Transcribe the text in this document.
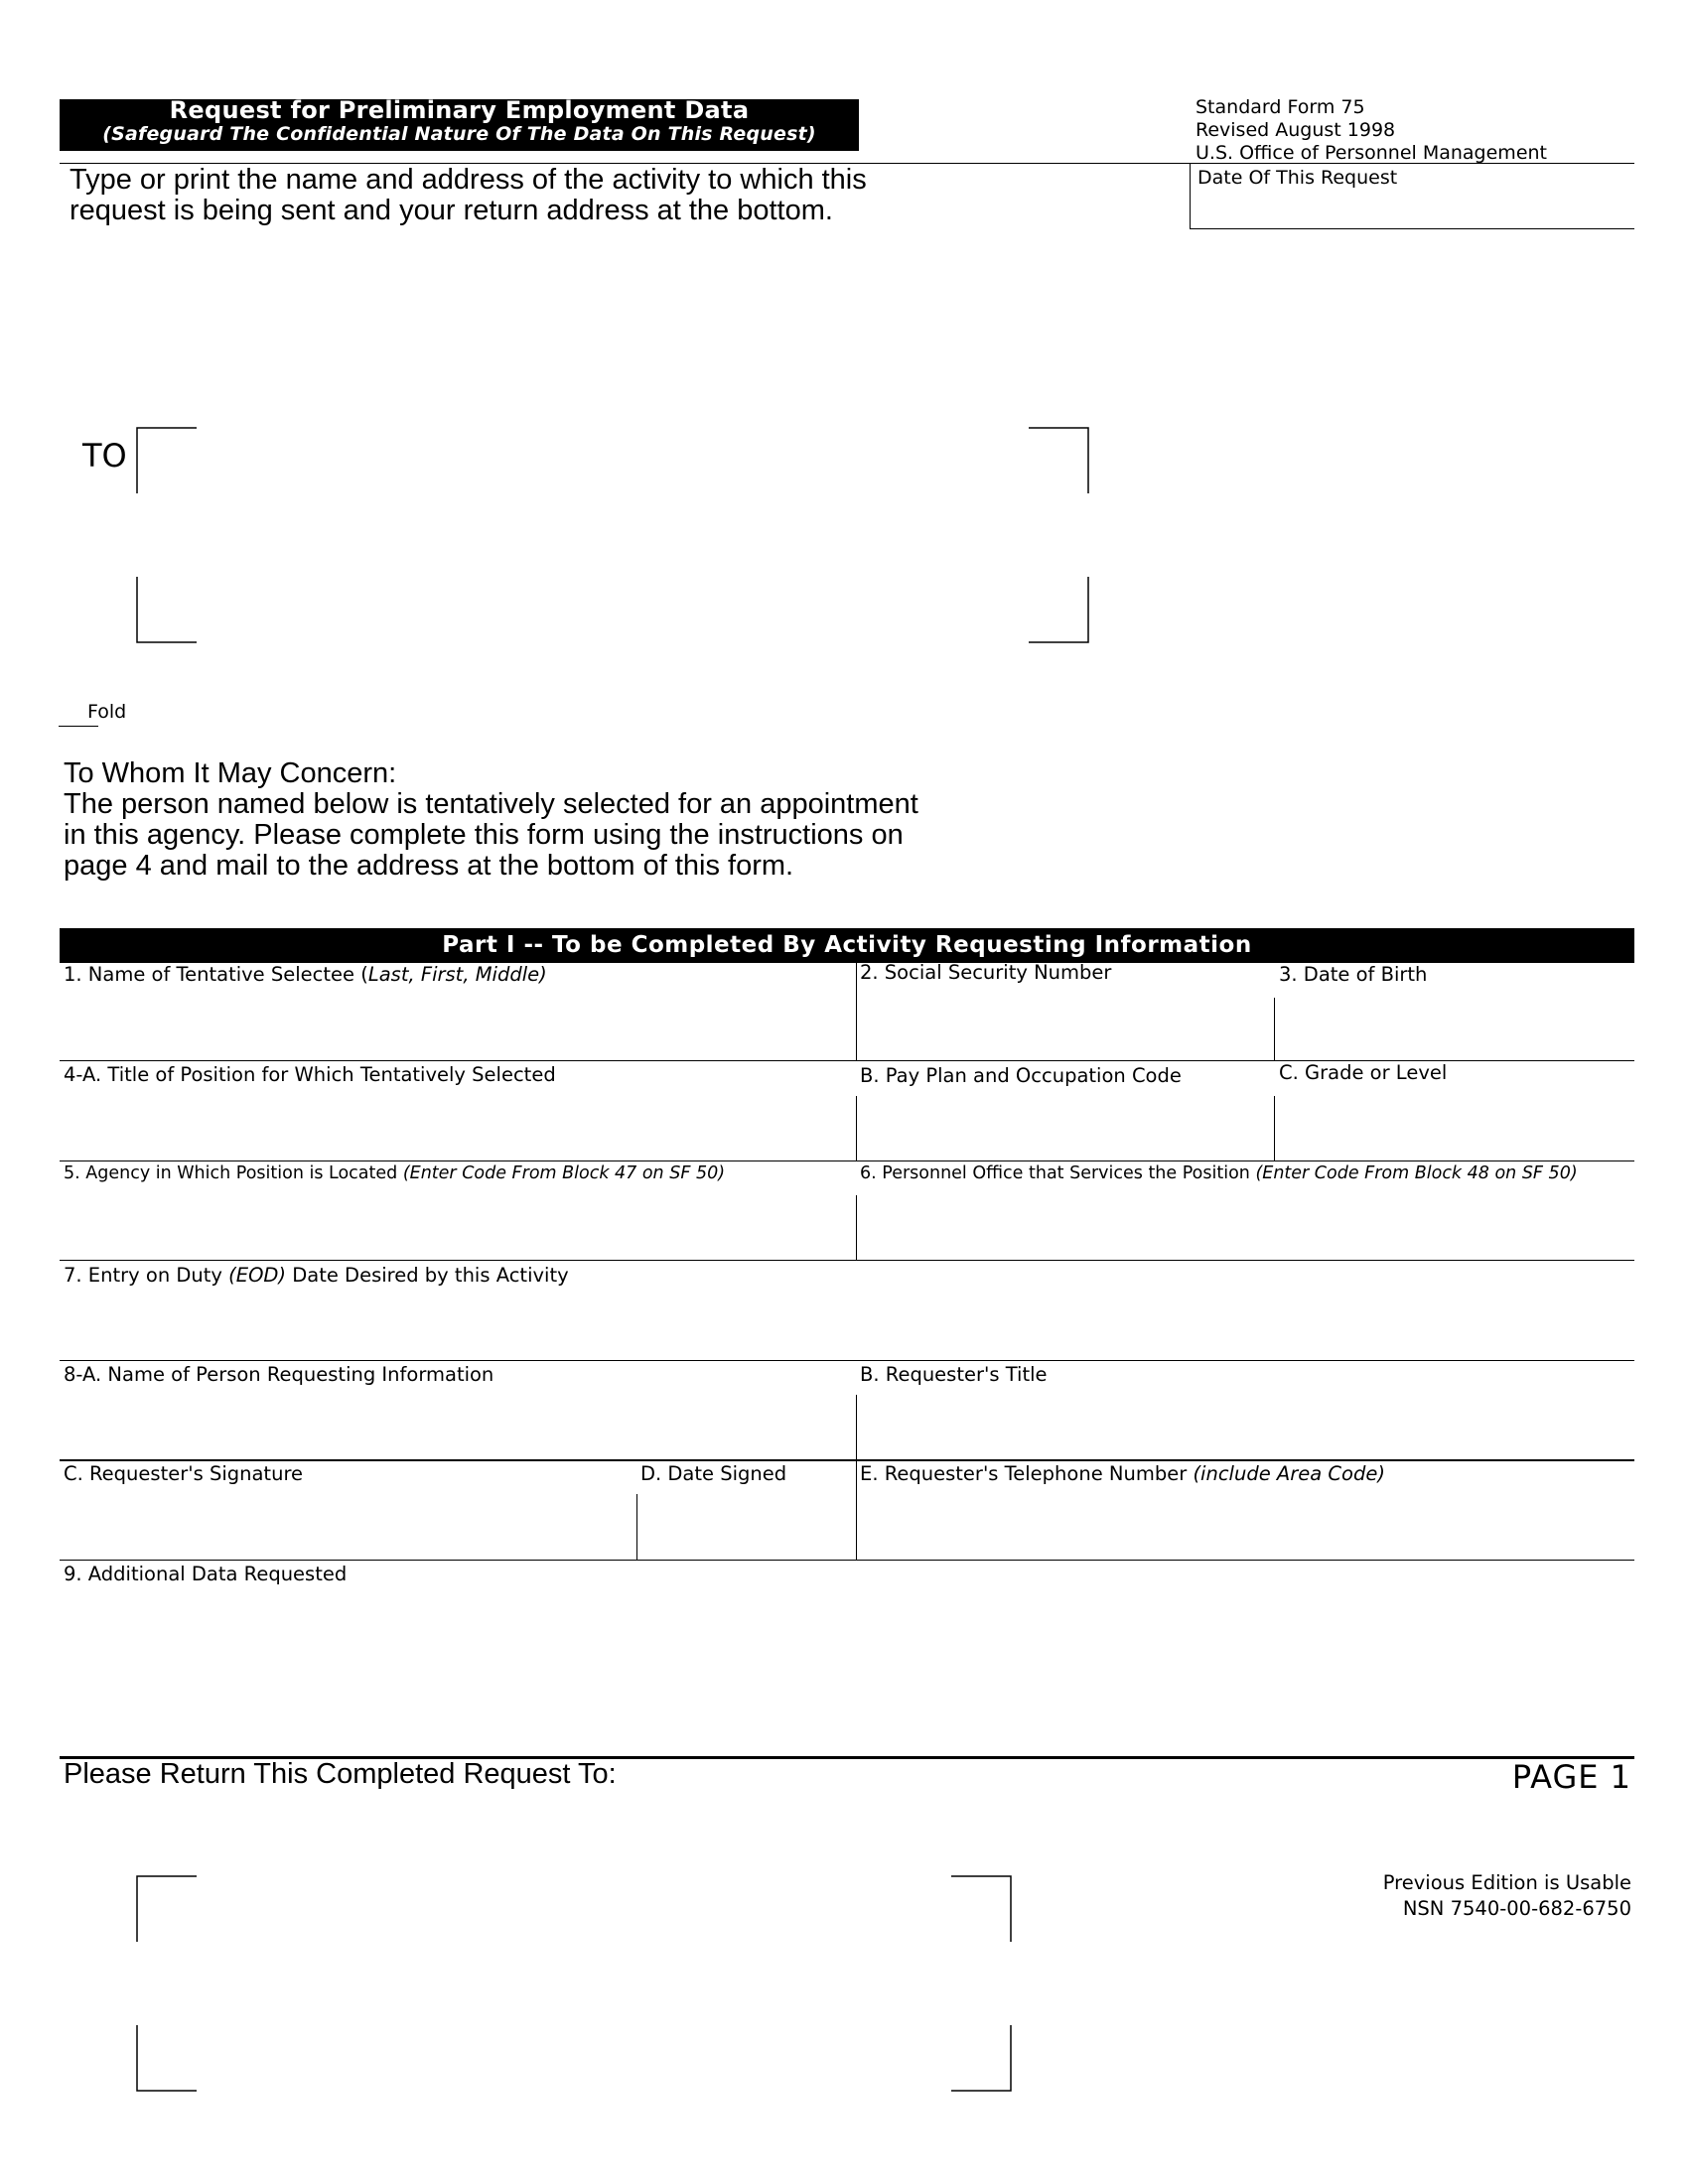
Request for Preliminary Employment Data
(Safeguard The Confidential Nature Of The Data On This Request)
Standard Form 75
Revised August 1998
U.S. Office of Personnel Management
Type or print the name and address of the activity to which this
request is being sent and your return address at the bottom.
Date Of This Request
TO
Fold
To Whom It May Concern:
The person named below is tentatively selected for an appointment
in this agency. Please complete this form using the instructions on
page 4 and mail to the address at the bottom of this form.
Part I -- To be Completed By Activity Requesting Information
1. Name of Tentative Selectee (Last, First, Middle)	2. Social Security Number	3. Date of Birth
4-A. Title of Position for Which Tentatively Selected	B. Pay Plan and Occupation Code	C. Grade or Level
5. Agency in Which Position is Located (Enter Code From Block 47 on SF 50)	6. Personnel Office that Services the Position (Enter Code From Block 48 on SF 50)
7. Entry on Duty (EOD) Date Desired by this Activity
8-A. Name of Person Requesting Information	B. Requester's Title
C. Requester's Signature	D. Date Signed	E. Requester's Telephone Number (include Area Code)
9. Additional Data Requested
Please Return This Completed Request To:	PAGE 1
Previous Edition is Usable
NSN 7540-00-682-6750
